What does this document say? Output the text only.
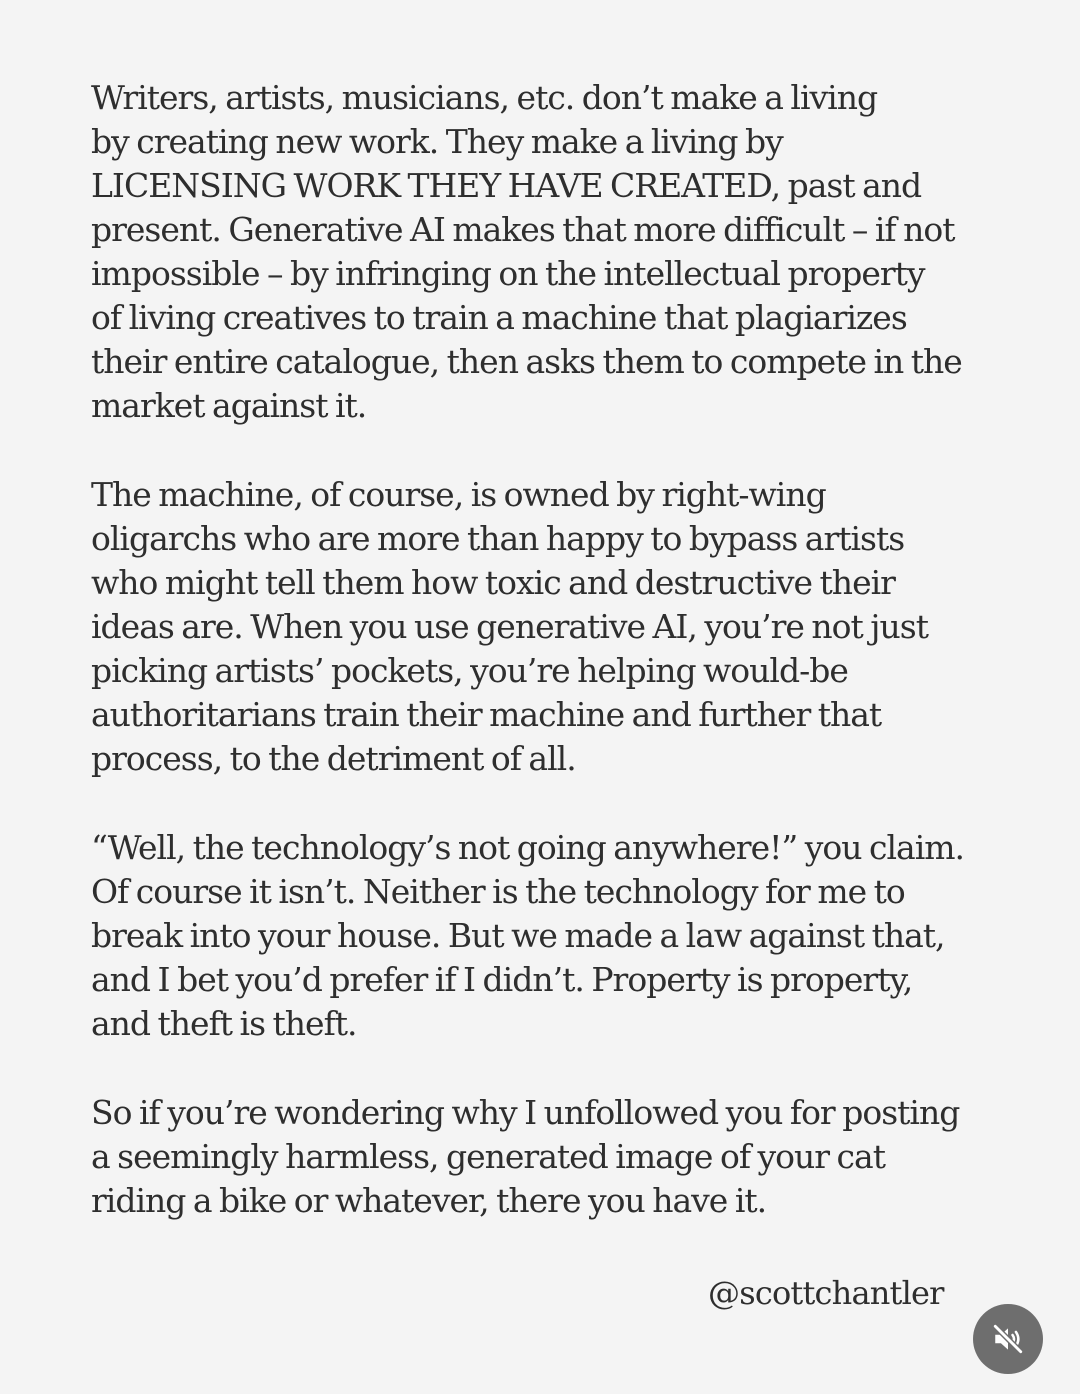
Writers, artists, musicians, etc. don’t make a living
by creating new work. They make a living by
LICENSING WORK THEY HAVE CREATED, past and
present. Generative AI makes that more difficult – if not
impossible – by infringing on the intellectual property
of living creatives to train a machine that plagiarizes
their entire catalogue, then asks them to compete in the
market against it.

The machine, of course, is owned by right-wing
oligarchs who are more than happy to bypass artists
who might tell them how toxic and destructive their
ideas are. When you use generative AI, you’re not just
picking artists’ pockets, you’re helping would-be
authoritarians train their machine and further that
process, to the detriment of all.

“Well, the technology’s not going anywhere!” you claim.
Of course it isn’t. Neither is the technology for me to
break into your house. But we made a law against that,
and I bet you’d prefer if I didn’t. Property is property,
and theft is theft.

So if you’re wondering why I unfollowed you for posting
a seemingly harmless, generated image of your cat
riding a bike or whatever, there you have it.

@scottchantler
